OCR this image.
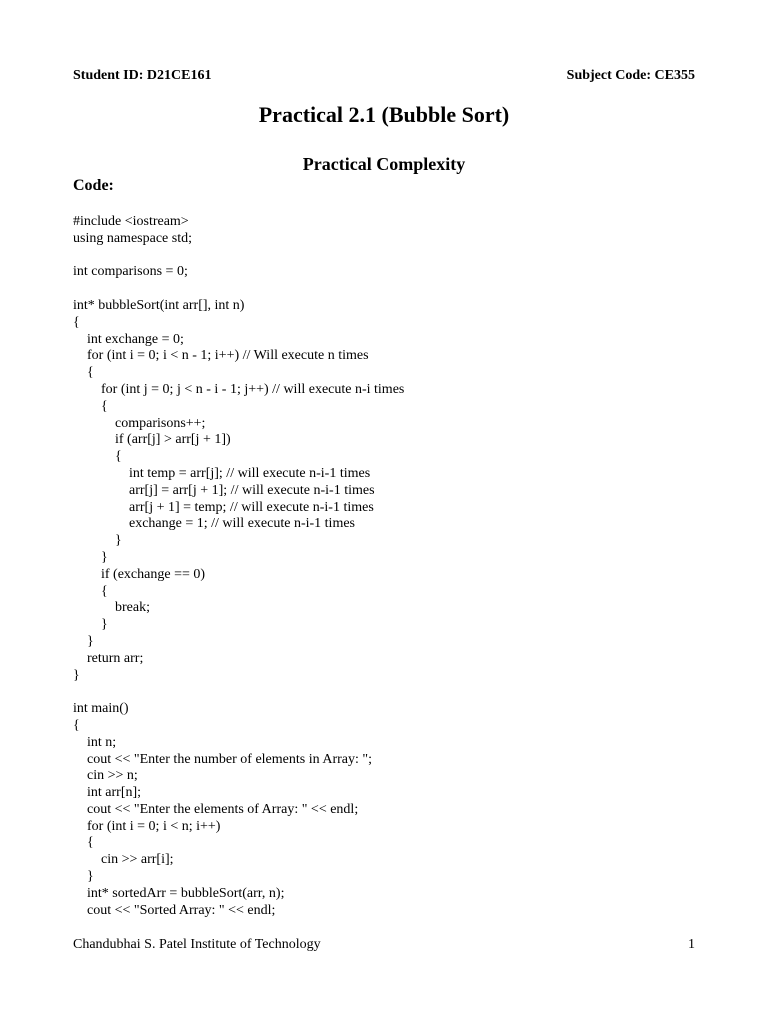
Student ID: D21CE161	Subject Code: CE355
Practical 2.1 (Bubble Sort)
Practical Complexity
Code:
#include <iostream>
using namespace std;
int comparisons = 0;
int* bubbleSort(int arr[], int n)
{
int exchange = 0;
for (int i = 0; i < n - 1; i++) // Will execute n times
{
for (int j = 0; j < n - i - 1; j++) // will execute n-i times
{
comparisons++;
if (arr[j] > arr[j + 1])
{
int temp = arr[j]; // will execute n-i-1 times
arr[j] = arr[j + 1]; // will execute n-i-1 times
arr[j + 1] = temp; // will execute n-i-1 times
exchange = 1; // will execute n-i-1 times
}
}
if (exchange == 0)
{
break;
}
}
return arr;
}
int main()
{
int n;
cout << "Enter the number of elements in Array: ";
cin >> n;
int arr[n];
cout << "Enter the elements of Array: " << endl;
for (int i = 0; i < n; i++)
{
cin >> arr[i];
}
int* sortedArr = bubbleSort(arr, n);
cout << "Sorted Array: " << endl;
Chandubhai S. Patel Institute of Technology	1
